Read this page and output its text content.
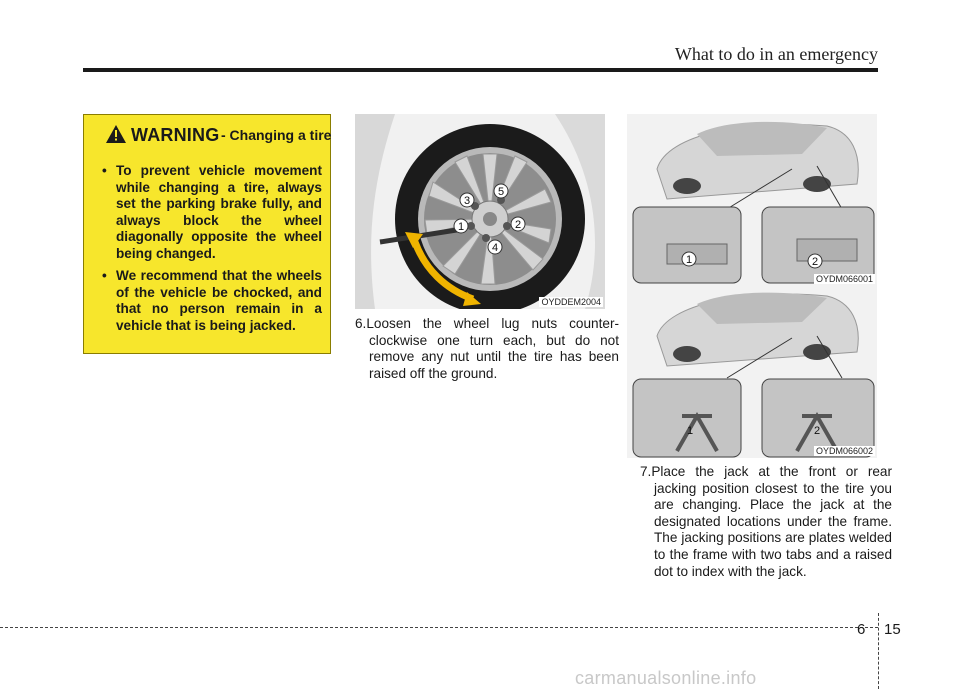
What to do in an emergency
WARNING - Changing a tire
• To prevent vehicle movement while changing a tire, always set the parking brake fully, and always block the wheel diagonally opposite the wheel being changed.
• We recommend that the wheels of the vehicle be chocked, and that no person remain in a vehicle that is being jacked.
3
5
1	2
4
OYDDEM2004
6.Loosen the wheel lug nuts counter-clockwise one turn each, but do not remove any nut until the tire has been raised off the ground.
1	2
OYDM066001
1	2
OYDM066002
7.Place the jack at the front or rear jacking position closest to the tire you are changing. Place the jack at the designated locations under the frame. The jacking positions are plates welded to the frame with two tabs and a raised dot to index with the jack.
6 15
carmanualsonline.info
